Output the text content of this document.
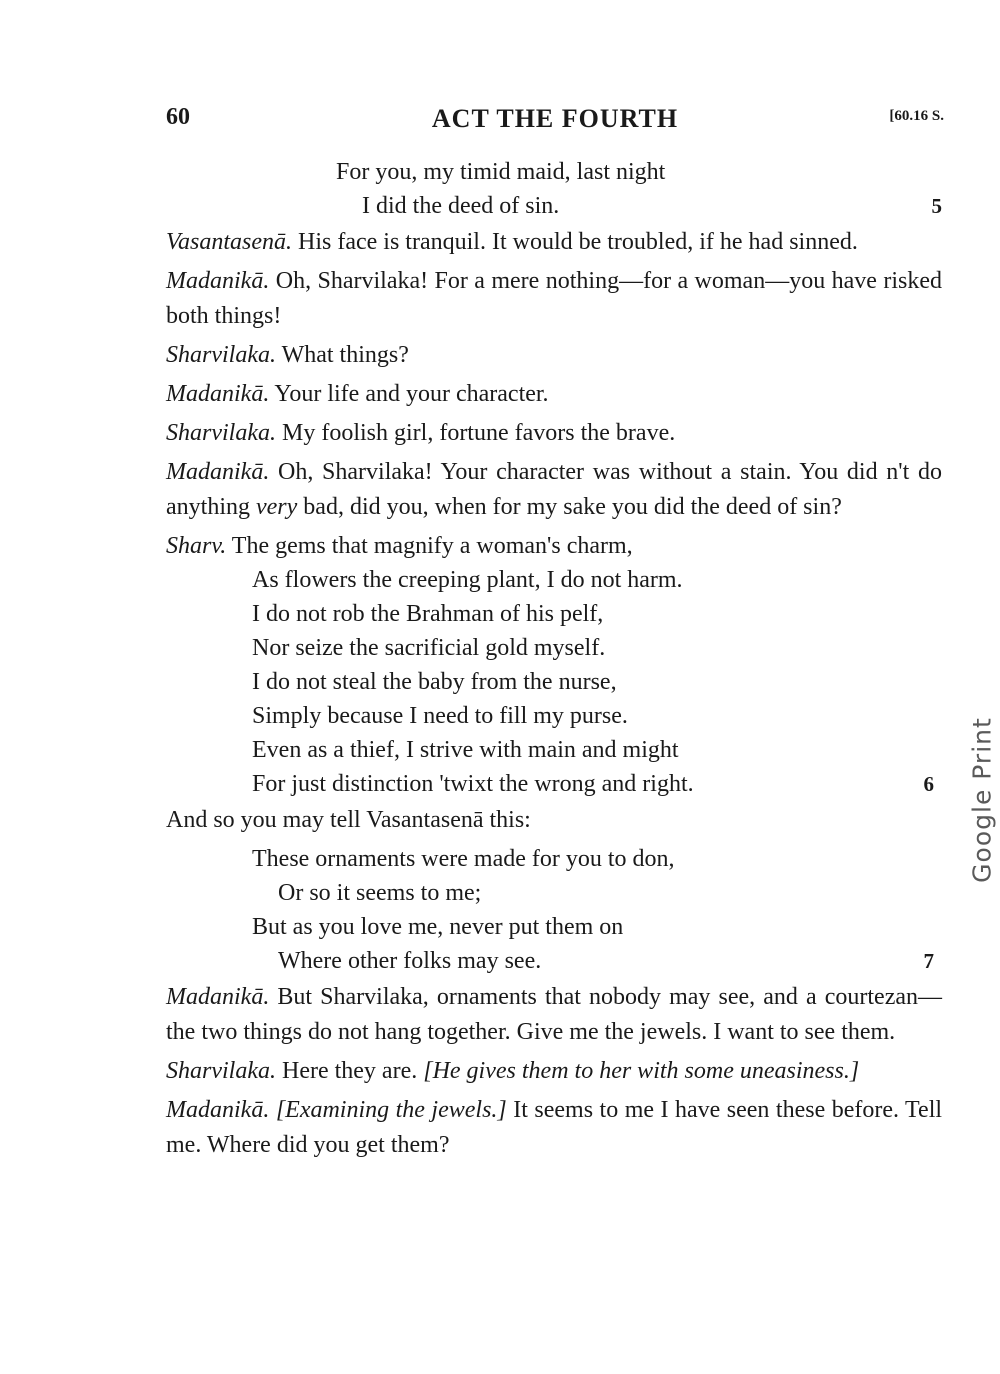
60	ACT THE FOURTH	[60.16 S.
For you, my timid maid, last night
I did the deed of sin.	5

Vasantasenā. His face is tranquil. It would be troubled, if he had sinned.

Madanikā. Oh, Sharvilaka! For a mere nothing—for a woman—you have risked both things!

Sharvilaka. What things?

Madanikā. Your life and your character.

Sharvilaka. My foolish girl, fortune favors the brave.

Madanikā. Oh, Sharvilaka! Your character was without a stain. You did n't do anything very bad, did you, when for my sake you did the deed of sin?

Sharv. The gems that magnify a woman's charm,
As flowers the creeping plant, I do not harm.
I do not rob the Brahman of his pelf,
Nor seize the sacrificial gold myself.
I do not steal the baby from the nurse,
Simply because I need to fill my purse.
Even as a thief, I strive with main and might
For just distinction 'twixt the wrong and right.	6

And so you may tell Vasantasenā this:

These ornaments were made for you to don,
Or so it seems to me;
But as you love me, never put them on
Where other folks may see.	7

Madanikā. But Sharvilaka, ornaments that nobody may see, and a courtezan—the two things do not hang together. Give me the jewels. I want to see them.

Sharvilaka. Here they are. [He gives them to her with some uneasiness.]

Madanikā. [Examining the jewels.] It seems to me I have seen these before. Tell me. Where did you get them?

Google Print
